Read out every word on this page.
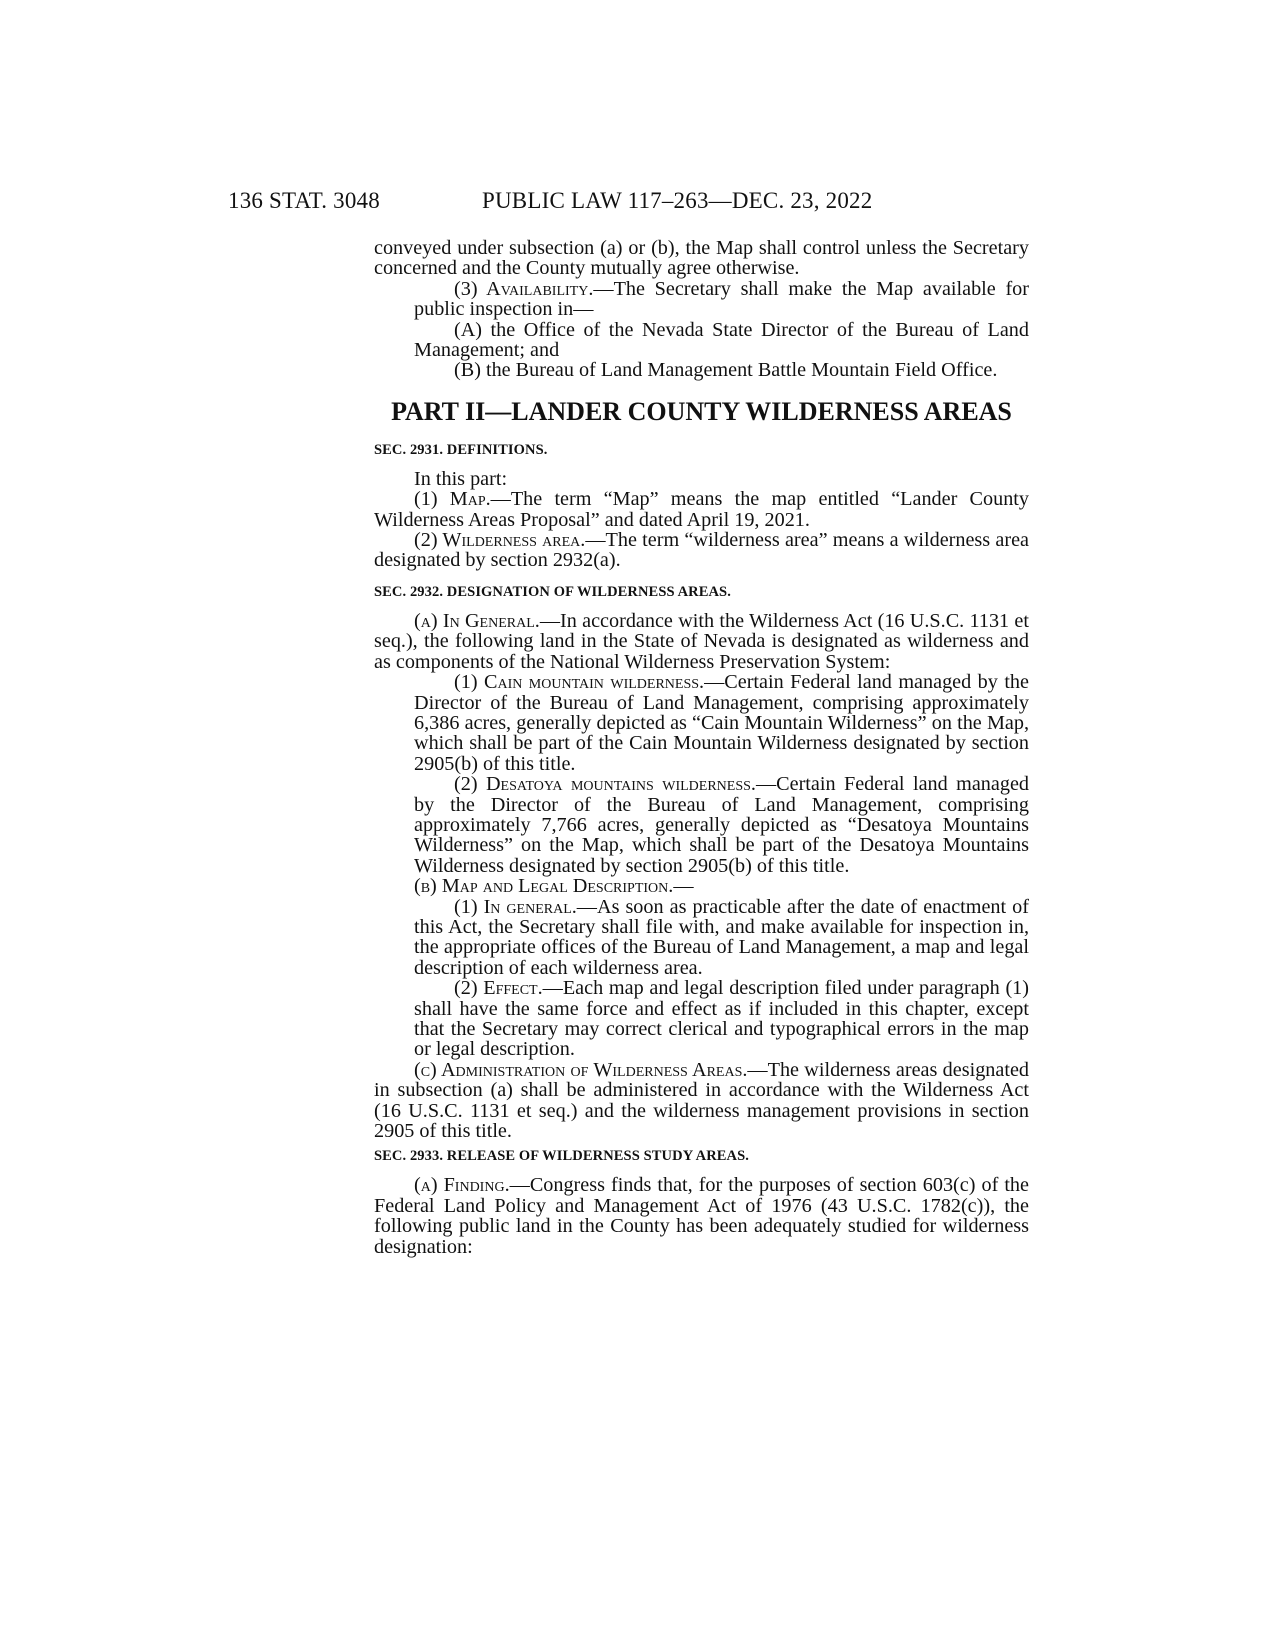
136 STAT. 3048	PUBLIC LAW 117–263—DEC. 23, 2022

conveyed under subsection (a) or (b), the Map shall control unless the Secretary concerned and the County mutually agree otherwise.

(3) Availability.—The Secretary shall make the Map available for public inspection in—

(A) the Office of the Nevada State Director of the Bureau of Land Management; and

(B) the Bureau of Land Management Battle Mountain Field Office.

PART II—LANDER COUNTY WILDERNESS AREAS
SEC. 2931. DEFINITIONS.

In this part:

(1) Map.—The term “Map” means the map entitled “Lander County Wilderness Areas Proposal” and dated April 19, 2021.

(2) Wilderness area.—The term “wilderness area” means a wilderness area designated by section 2932(a).

SEC. 2932. DESIGNATION OF WILDERNESS AREAS.

(a) In General.—In accordance with the Wilderness Act (16 U.S.C. 1131 et seq.), the following land in the State of Nevada is designated as wilderness and as components of the National Wilderness Preservation System:

(1) Cain mountain wilderness.—Certain Federal land managed by the Director of the Bureau of Land Management, comprising approximately 6,386 acres, generally depicted as “Cain Mountain Wilderness” on the Map, which shall be part of the Cain Mountain Wilderness designated by section 2905(b) of this title.

(2) Desatoya mountains wilderness.—Certain Federal land managed by the Director of the Bureau of Land Management, comprising approximately 7,766 acres, generally depicted as “Desatoya Mountains Wilderness” on the Map, which shall be part of the Desatoya Mountains Wilderness designated by section 2905(b) of this title.

(b) Map and Legal Description.—

(1) In general.—As soon as practicable after the date of enactment of this Act, the Secretary shall file with, and make available for inspection in, the appropriate offices of the Bureau of Land Management, a map and legal description of each wilderness area.

(2) Effect.—Each map and legal description filed under paragraph (1) shall have the same force and effect as if included in this chapter, except that the Secretary may correct clerical and typographical errors in the map or legal description.

(c) Administration of Wilderness Areas.—The wilderness areas designated in subsection (a) shall be administered in accordance with the Wilderness Act (16 U.S.C. 1131 et seq.) and the wilderness management provisions in section 2905 of this title.

SEC. 2933. RELEASE OF WILDERNESS STUDY AREAS.

(a) Finding.—Congress finds that, for the purposes of section 603(c) of the Federal Land Policy and Management Act of 1976 (43 U.S.C. 1782(c)), the following public land in the County has been adequately studied for wilderness designation:
